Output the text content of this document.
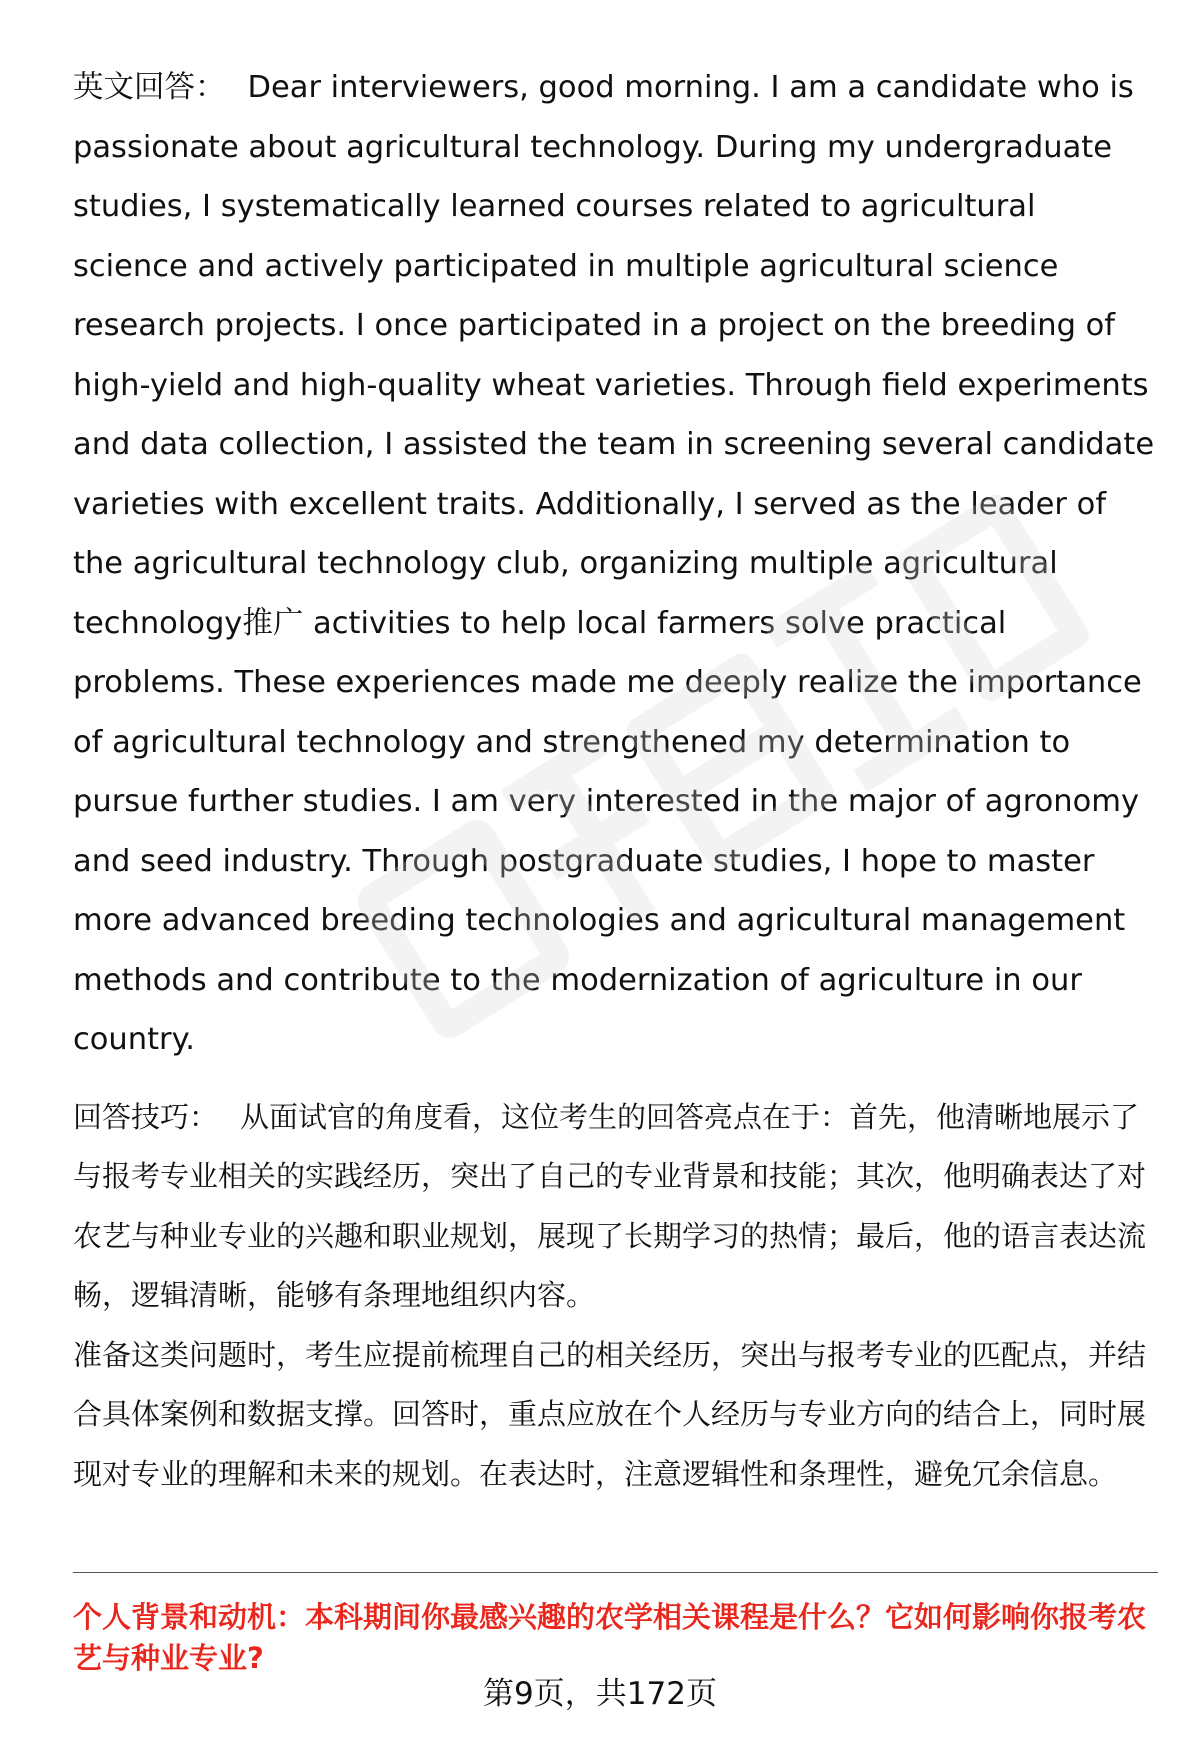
英文回答： Dear interviewers, good morning. I am a candidate who is passionate about agricultural technology. During my undergraduate studies, I systematically learned courses related to agricultural science and actively participated in multiple agricultural science research projects. I once participated in a project on the breeding of high-yield and high-quality wheat varieties. Through field experiments and data collection, I assisted the team in screening several candidate varieties with excellent traits. Additionally, I served as the leader of the agricultural technology club, organizing multiple agricultural technology推广 activities to help local farmers solve practical problems. These experiences made me deeply realize the importance of agricultural technology and strengthened my determination to pursue further studies. I am very interested in the major of agronomy and seed industry. Through postgraduate studies, I hope to master more advanced breeding technologies and agricultural management methods and contribute to the modernization of agriculture in our country.

回答技巧： 从面试官的角度看，这位考生的回答亮点在于：首先，他清晰地展示了与报考专业相关的实践经历，突出了自己的专业背景和技能；其次，他明确表达了对农艺与种业专业的兴趣和职业规划，展现了长期学习的热情；最后，他的语言表达流畅，逻辑清晰，能够有条理地组织内容。

准备这类问题时，考生应提前梳理自己的相关经历，突出与报考专业的匹配点，并结合具体案例和数据支撑。回答时，重点应放在个人经历与专业方向的结合上，同时展现对专业的理解和未来的规划。在表达时，注意逻辑性和条理性，避免冗余信息。

个人背景和动机：本科期间你最感兴趣的农学相关课程是什么？它如何影响你报考农艺与种业专业?

第9页，共172页
